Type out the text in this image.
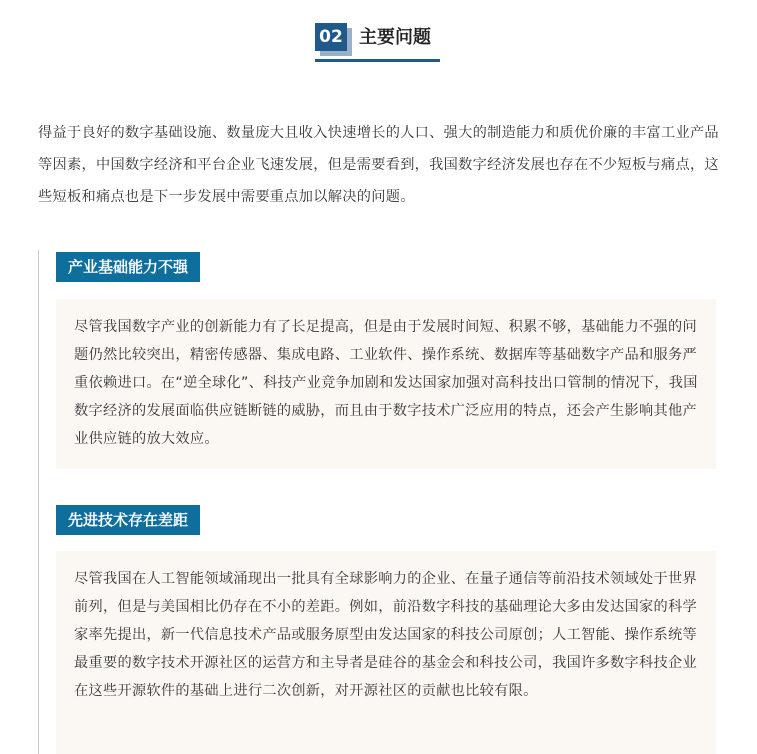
02 主要问题

得益于良好的数字基础设施、数量庞大且收入快速增长的人口、强大的制造能力和质优价廉的丰富工业产品等因素，中国数字经济和平台企业飞速发展，但是需要看到，我国数字经济发展也存在不少短板与痛点，这些短板和痛点也是下一步发展中需要重点加以解决的问题。

产业基础能力不强

尽管我国数字产业的创新能力有了长足提高，但是由于发展时间短、积累不够，基础能力不强的问题仍然比较突出，精密传感器、集成电路、工业软件、操作系统、数据库等基础数字产品和服务严重依赖进口。在“逆全球化”、科技产业竞争加剧和发达国家加强对高科技出口管制的情况下，我国数字经济的发展面临供应链断链的威胁，而且由于数字技术广泛应用的特点，还会产生影响其他产业供应链的放大效应。

先进技术存在差距

尽管我国在人工智能领域涌现出一批具有全球影响力的企业、在量子通信等前沿技术领域处于世界前列，但是与美国相比仍存在不小的差距。例如，前沿数字科技的基础理论大多由发达国家的科学家率先提出，新一代信息技术产品或服务原型由发达国家的科技公司原创；人工智能、操作系统等最重要的数字技术开源社区的运营方和主导者是硅谷的基金会和科技公司，我国许多数字科技企业在这些开源软件的基础上进行二次创新，对开源社区的贡献也比较有限。
